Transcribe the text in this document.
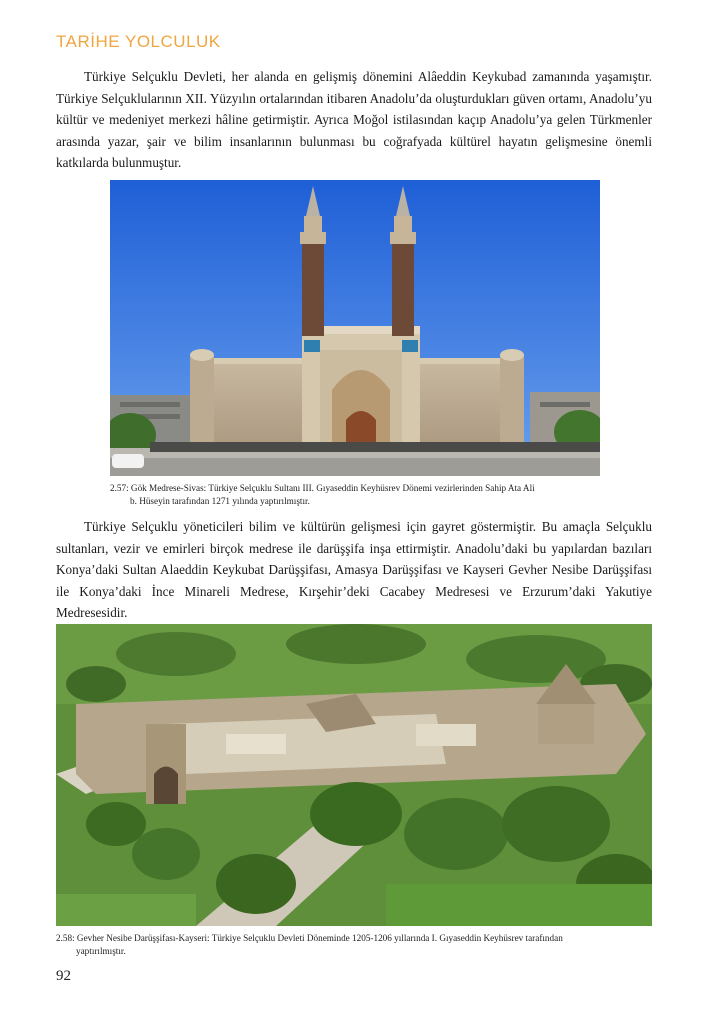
TARİHE YOLCULUK

Türkiye Selçuklu Devleti, her alanda en gelişmiş dönemini Alâeddin Keykubad zamanında yaşamıştır. Türkiye Selçuklularının XII. Yüzyılın ortalarından itibaren Anadolu’da oluşturdukları güven ortamı, Anadolu’yu kültür ve medeniyet merkezi hâline getirmiştir. Ayrıca Moğol istilasından kaçıp Anadolu’ya gelen Türkmenler arasında yazar, şair ve bilim insanlarının bulunması bu coğrafyada kültürel hayatın gelişmesine önemli katkılarda bulunmuştur.

2.57: Gök Medrese-Sivas: Türkiye Selçuklu Sultanı III. Gıyaseddin Keyhüsrev Dönemi vezirlerinden Sahip Ata Ali
b. Hüseyin tarafından 1271 yılında yaptırılmıştır.

Türkiye Selçuklu yöneticileri bilim ve kültürün gelişmesi için gayret göstermiştir. Bu amaçla Selçuklu sultanları, vezir ve emirleri birçok medrese ile darüşşifa inşa ettirmiştir. Anadolu’daki bu yapılardan bazıları Konya’daki Sultan Alaeddin Keykubat Darüşşifası, Amasya Darüşşifası ve Kayseri Gevher Nesibe Darüşşifası ile Konya’daki İnce Minareli Medrese, Kırşehir’deki Cacabey Medresesi ve Erzurum’daki Yakutiye Medresesidir.

2.58: Gevher Nesibe Darüşşifası-Kayseri: Türkiye Selçuklu Devleti Döneminde 1205-1206 yıllarında I. Gıyaseddin Keyhüsrev tarafından
yaptırılmıştır.
92
